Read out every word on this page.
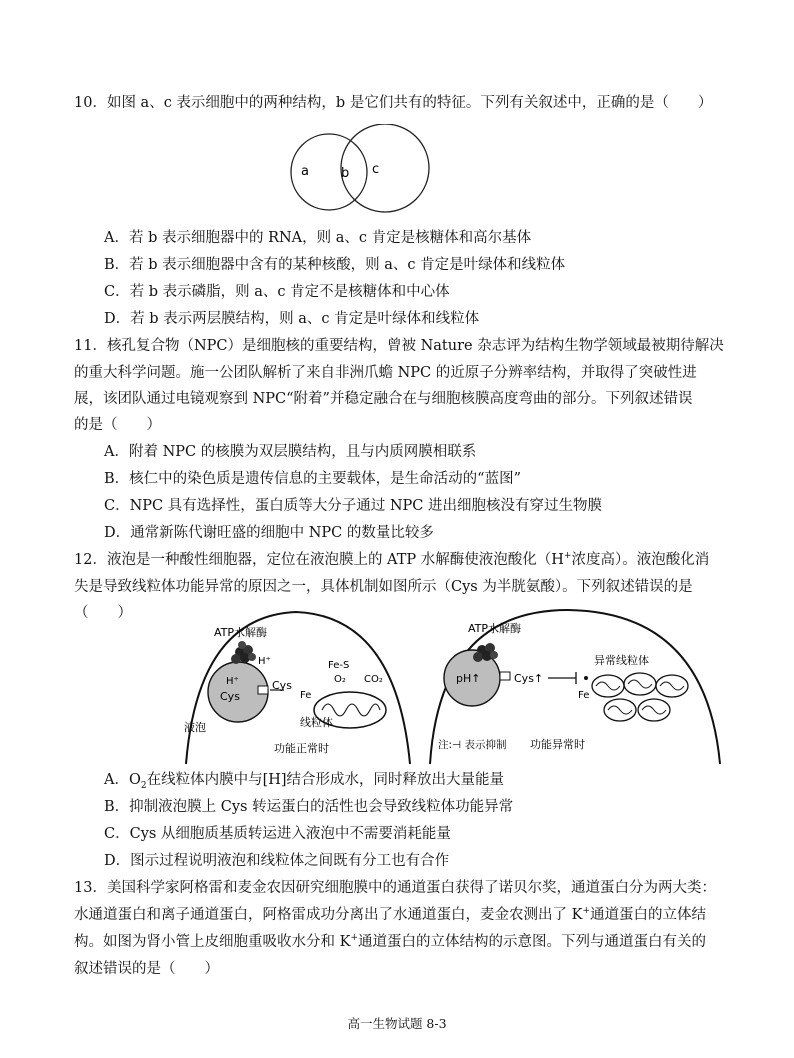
10．如图 a、c 表示细胞中的两种结构，b 是它们共有的特征。下列有关叙述中，正确的是（　　）
a b c
A．若 b 表示细胞器中的 RNA，则 a、c 肯定是核糖体和高尔基体
B．若 b 表示细胞器中含有的某种核酸，则 a、c 肯定是叶绿体和线粒体
C．若 b 表示磷脂，则 a、c 肯定不是核糖体和中心体
D．若 b 表示两层膜结构，则 a、c 肯定是叶绿体和线粒体
11．核孔复合物（NPC）是细胞核的重要结构，曾被 Nature 杂志评为结构生物学领域最被期待解决
的重大科学问题。施一公团队解析了来自非洲爪蟾 NPC 的近原子分辨率结构，并取得了突破性进
展，该团队通过电镜观察到 NPC“附着”并稳定融合在与细胞核膜高度弯曲的部分。下列叙述错误
的是（　　）
A．附着 NPC 的核膜为双层膜结构，且与内质网膜相联系
B．核仁中的染色质是遗传信息的主要载体，是生命活动的“蓝图”
C．NPC 具有选择性，蛋白质等大分子通过 NPC 进出细胞核没有穿过生物膜
D．通常新陈代谢旺盛的细胞中 NPC 的数量比较多
12．液泡是一种酸性细胞器，定位在液泡膜上的 ATP 水解酶使液泡酸化（H+浓度高）。液泡酸化消
失是导致线粒体功能异常的原因之一，具体机制如图所示（Cys 为半胱氨酸）。下列叙述错误的是
（　　）
ATP水解酶
H⁺
H⁺
Cys
Cys
液泡
Fe-S
O₂ CO₂
Fe
线粒体
功能正常时
ATP水解酶
pH↑	Cys↑
Fe
异常线粒体
注:⊣ 表示抑制 功能异常时
A．$O_2$在线粒体内膜中与[H]结合形成水，同时释放出大量能量
B．抑制液泡膜上 Cys 转运蛋白的活性也会导致线粒体功能异常
C．Cys 从细胞质基质转运进入液泡中不需要消耗能量
D．图示过程说明液泡和线粒体之间既有分工也有合作
13．美国科学家阿格雷和麦金农因研究细胞膜中的通道蛋白获得了诺贝尔奖，通道蛋白分为两大类：
水通道蛋白和离子通道蛋白，阿格雷成功分离出了水通道蛋白，麦金农测出了 K+通道蛋白的立体结
构。如图为肾小管上皮细胞重吸收水分和 K+通道蛋白的立体结构的示意图。下列与通道蛋白有关的
叙述错误的是（　　）
高一生物试题 8-3
